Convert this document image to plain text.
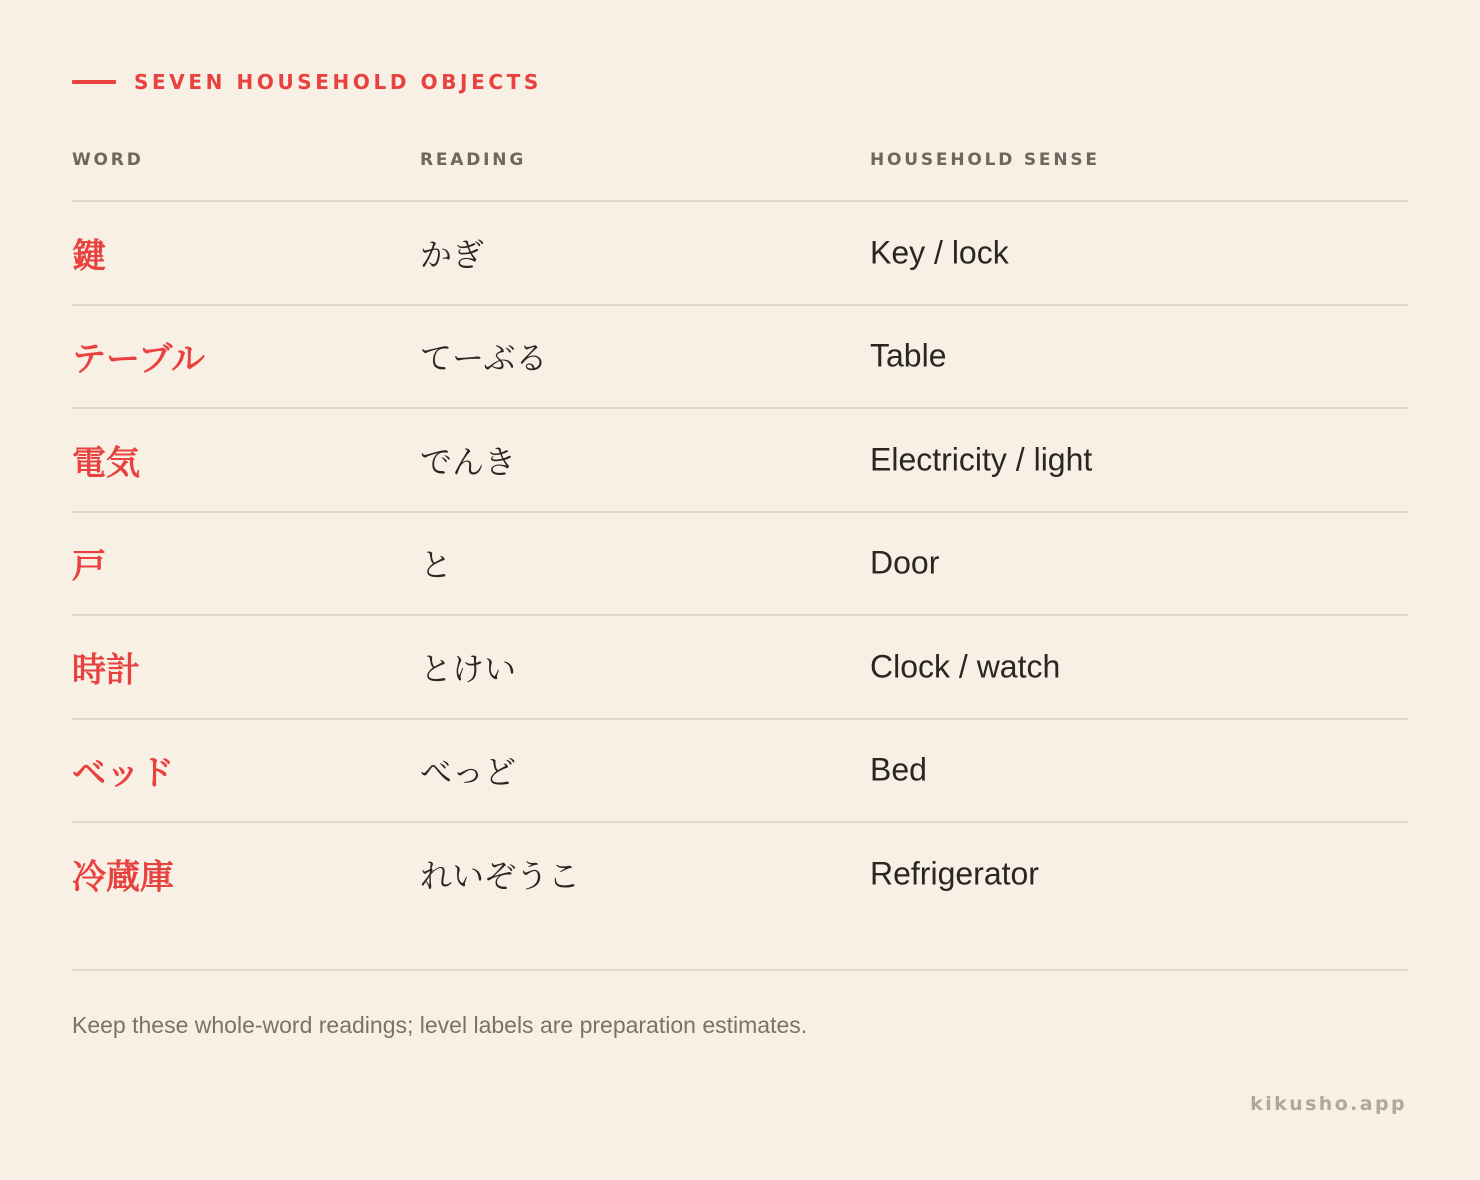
SEVEN HOUSEHOLD OBJECTS
WORD	READING	HOUSEHOLD SENSE
鍵	かぎ	Key / lock
テーブル	てーぶる	Table
電気	でんき	Electricity / light
戸	と	Door
時計	とけい	Clock / watch
ベッド	べっど	Bed
冷蔵庫	れいぞうこ	Refrigerator
Keep these whole-word readings; level labels are preparation estimates.
kikusho.app
